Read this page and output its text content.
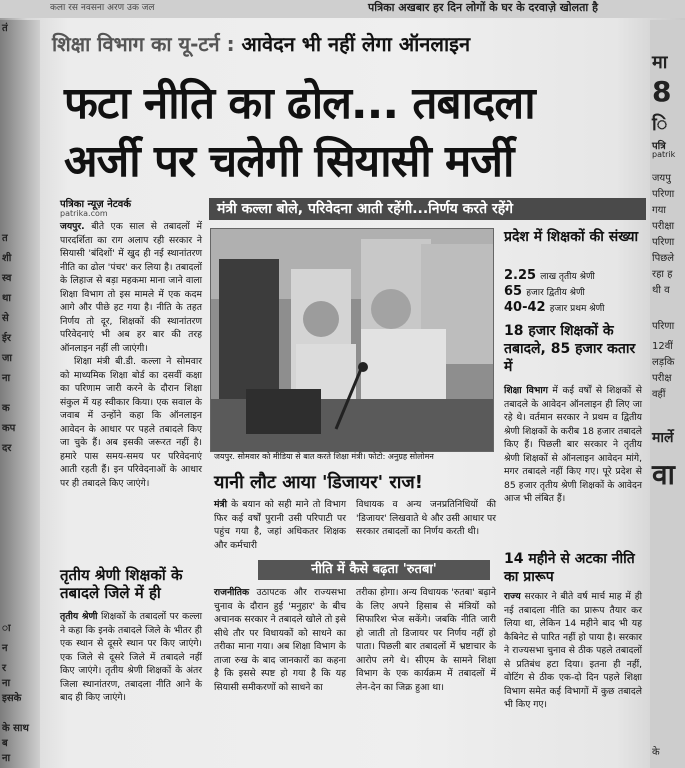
कला रस नवसना अरण उक जल	पत्रिका अखबार हर दिन लोगों के घर के दरवाज़े खोलता है
तं
त
शी
स्व
था
से
ईर
जा
ना
क
कप
दर
ा
न
र
ना
इसके
के साथ
ब
ना
मा
8
ि
पत्रि
patrik
जयपु
परिणा
गया
परीक्षा
परिणा
पिछले
रहा ह
थी व
परिणा
12वीं
लड़कि
परीक्ष
वहीं
मार्ले
वा
के
शिक्षा विभाग का यू-टर्न : आवेदन भी नहीं लेगा ऑनलाइन
फटा नीति का ढोल... तबादला
अर्जी पर चलेगी सियासी मर्जी
पत्रिका न्यूज़ नेटवर्क
patrika.com	मंत्री कल्ला बोले, परिवेदना आती रहेंगी...निर्णय करते रहेंगे

जयपुर. बीते एक साल से तबादलों में पारदर्शिता का राग अलाप रही सरकार ने सियासी 'बंदिशों' में खुद ही नई स्थानांतरण नीति का ढोल 'पंचर' कर लिया है। तबादलों के लिहाज से बड़ा महकमा माना जाने वाला शिक्षा विभाग तो इस मामले में एक कदम आगे और पीछे हट गया है। नीति के तहत निर्णय तो दूर, शिक्षकों की स्थानांतरण परिवेदनाएं भी अब हर बार की तरह ऑनलाइन नहीं ली जाएंगी।

शिक्षा मंत्री बी.डी. कल्ला ने सोमवार को माध्यमिक शिक्षा बोर्ड का दसवीं कक्षा का परिणाम जारी करने के दौरान शिक्षा संकुल में यह स्वीकार किया। एक सवाल के जवाब में उन्होंने कहा कि ऑनलाइन आवेदन के आधार पर पहले तबादले किए जा चुके हैं। अब इसकी जरूरत नहीं है। हमारे पास समय-समय पर परिवेदनाएं आती रहती हैं। इन परिवेदनाओं के आधार पर ही तबादले किए जाएंगे।

तृतीय श्रेणी शिक्षकों के तबादले जिले में ही

तृतीय श्रेणी शिक्षकों के तबादलों पर कल्ला ने कहा कि इनके तबादले जिले के भीतर ही एक स्थान से दूसरे स्थान पर किए जाएंगे। एक जिले से दूसरे जिले में तबादले नहीं किए जाएंगे। तृतीय श्रेणी शिक्षकों के अंतर जिला स्थानांतरण, तबादला नीति आने के बाद ही किए जाएंगे।

जयपुर. सोमवार को मीडिया से बात करते शिक्षा मंत्री। फोटो: अनुग्रह सोलोमन
यानी लौट आया 'डिजायर' राज!

मंत्री के बयान को सही माने तो विभाग फिर कई वर्षों पुरानी उसी परिपाटी पर पहुंच गया है, जहां अधिकतर शिक्षक और कर्मचारी

विधायक व अन्य जनप्रतिनिधियों की 'डिजायर' लिखवाते थे और उसी आधार पर सरकार तबादलों का निर्णय करती थी।

नीति में कैसे बढ़ता 'रुतबा'

राजनीतिक उठापटक और राज्यसभा चुनाव के दौरान हुई 'मनुहार' के बीच अचानक सरकार ने तबादले खोले तो इसे सीधे तौर पर विधायकों को साधने का तरीका माना गया। अब शिक्षा विभाग के ताजा रुख के बाद जानकारों का कहना है कि इससे स्पष्ट हो गया है कि यह सियासी समीकरणों को साधने का

तरीका होगा। अन्य विधायक 'रुतबा' बढ़ाने के लिए अपने हिसाब से मंत्रियों को सिफारिश भेज सकेंगे। जबकि नीति जारी हो जाती तो डिजायर पर निर्णय नहीं हो पाता। पिछली बार तबादलों में भ्रष्टाचार के आरोप लगे थे। सीएम के सामने शिक्षा विभाग के एक कार्यक्रम में तबादलों में लेन-देन का जिक्र हुआ था।

प्रदेश में शिक्षकों की संख्या
2.25 लाख तृतीय श्रेणी
65 हजार द्वितीय श्रेणी
40-42 हजार प्रथम श्रेणी
18 हजार शिक्षकों के तबादले, 85 हजार कतार में

शिक्षा विभाग में कई वर्षों से शिक्षकों से तबादले के आवेदन ऑनलाइन ही लिए जा रहे थे। वर्तमान सरकार ने प्रथम व द्वितीय श्रेणी शिक्षकों के करीब 18 हजार तबादले किए हैं। पिछली बार सरकार ने तृतीय श्रेणी शिक्षकों से ऑनलाइन आवेदन मांगे, मगर तबादले नहीं किए गए। पूरे प्रदेश से 85 हजार तृतीय श्रेणी शिक्षकों के आवेदन आज भी लंबित हैं।

14 महीने से अटका नीति का प्रारूप

राज्य सरकार ने बीते वर्ष मार्च माह में ही नई तबादला नीति का प्रारूप तैयार कर लिया था, लेकिन 14 महीने बाद भी यह कैबिनेट से पारित नहीं हो पाया है। सरकार ने राज्यसभा चुनाव से ठीक पहले तबादलों से प्रतिबंध हटा दिया। इतना ही नहीं, वोटिंग से ठीक एक-दो दिन पहले शिक्षा विभाग समेत कई विभागों में कुछ तबादले भी किए गए।
